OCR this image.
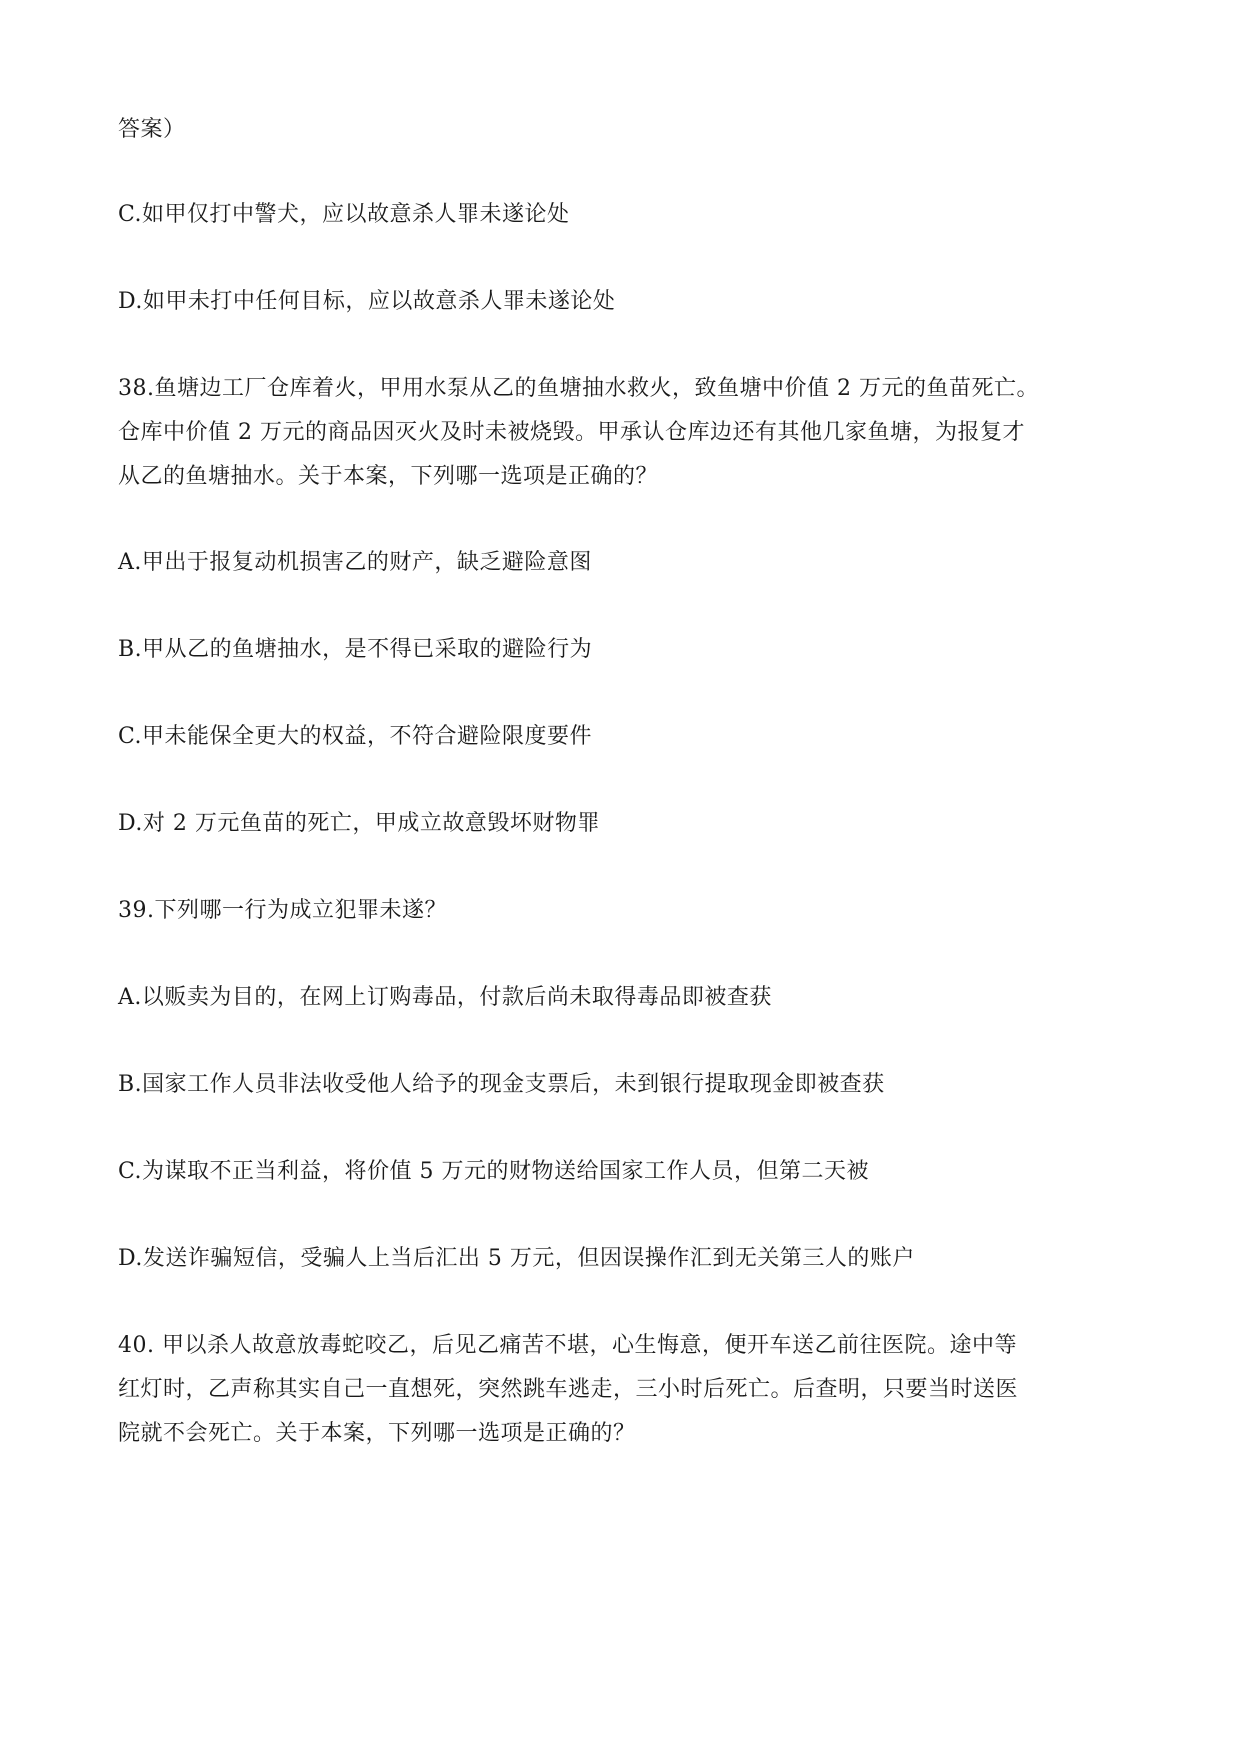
答案）
C.如甲仅打中警犬，应以故意杀人罪未遂论处
D.如甲未打中任何目标，应以故意杀人罪未遂论处
38.鱼塘边工厂仓库着火，甲用水泵从乙的鱼塘抽水救火，致鱼塘中价值 2 万元的鱼苗死亡。
仓库中价值 2 万元的商品因灭火及时未被烧毁。甲承认仓库边还有其他几家鱼塘，为报复才
从乙的鱼塘抽水。关于本案，下列哪一选项是正确的？
A.甲出于报复动机损害乙的财产，缺乏避险意图
B.甲从乙的鱼塘抽水，是不得已采取的避险行为
C.甲未能保全更大的权益，不符合避险限度要件
D.对 2 万元鱼苗的死亡，甲成立故意毁坏财物罪
39.下列哪一行为成立犯罪未遂？
A.以贩卖为目的，在网上订购毒品，付款后尚未取得毒品即被查获
B.国家工作人员非法收受他人给予的现金支票后，未到银行提取现金即被查获
C.为谋取不正当利益，将价值 5 万元的财物送给国家工作人员，但第二天被
D.发送诈骗短信，受骗人上当后汇出 5 万元，但因误操作汇到无关第三人的账户
40. 甲以杀人故意放毒蛇咬乙，后见乙痛苦不堪，心生悔意，便开车送乙前往医院。途中等
红灯时，乙声称其实自己一直想死，突然跳车逃走，三小时后死亡。后查明，只要当时送医
院就不会死亡。关于本案，下列哪一选项是正确的？
